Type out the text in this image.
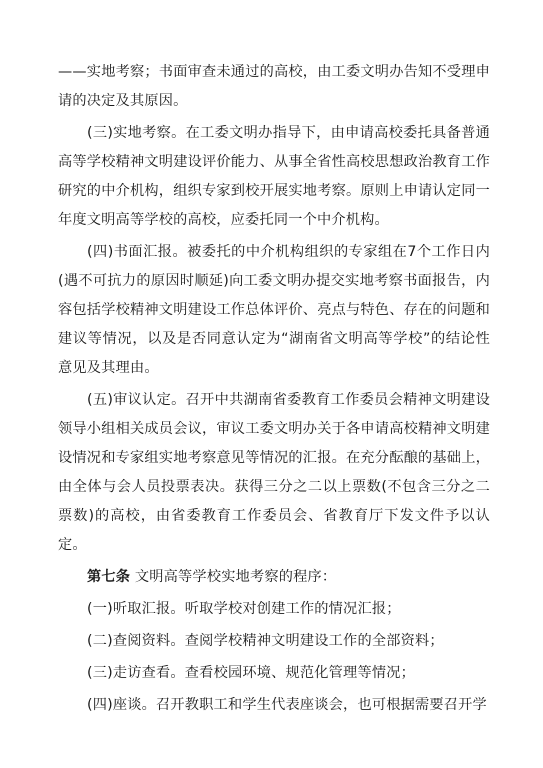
——实地考察；书面审查未通过的高校，由工委文明办告知不受理申请的决定及其原因。

(三)实地考察。在工委文明办指导下，由申请高校委托具备普通高等学校精神文明建设评价能力、从事全省性高校思想政治教育工作研究的中介机构，组织专家到校开展实地考察。原则上申请认定同一年度文明高等学校的高校，应委托同一个中介机构。

(四)书面汇报。被委托的中介机构组织的专家组在7个工作日内(遇不可抗力的原因时顺延)向工委文明办提交实地考察书面报告，内容包括学校精神文明建设工作总体评价、亮点与特色、存在的问题和建议等情况，以及是否同意认定为“湖南省文明高等学校”的结论性意见及其理由。

(五)审议认定。召开中共湖南省委教育工作委员会精神文明建设领导小组相关成员会议，审议工委文明办关于各申请高校精神文明建设情况和专家组实地考察意见等情况的汇报。在充分酝酿的基础上，由全体与会人员投票表决。获得三分之二以上票数(不包含三分之二票数)的高校，由省委教育工作委员会、省教育厅下发文件予以认定。

第七条 文明高等学校实地考察的程序：

(一)听取汇报。听取学校对创建工作的情况汇报；

(二)查阅资料。查阅学校精神文明建设工作的全部资料；

(三)走访查看。查看校园环境、规范化管理等情况；

(四)座谈。召开教职工和学生代表座谈会，也可根据需要召开学
